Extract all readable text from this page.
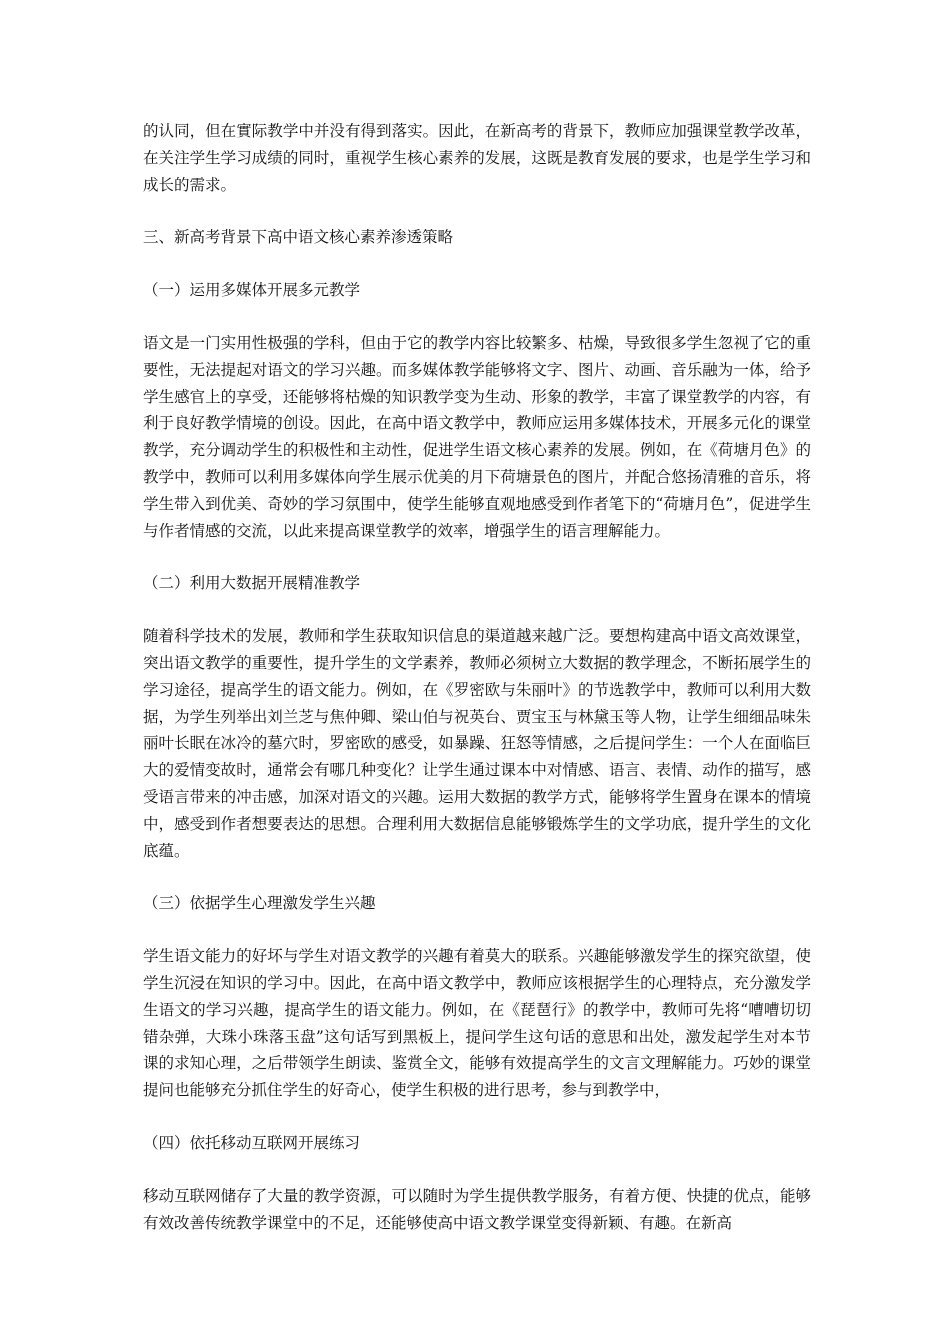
的认同，但在實际教学中并没有得到落实。因此，在新高考的背景下，教师应加强课堂教学改革，在关注学生学习成绩的同时，重视学生核心素养的发展，这既是教育发展的要求，也是学生学习和成长的需求。

三、新高考背景下高中语文核心素养渗透策略

（一）运用多媒体开展多元教学

语文是一门实用性极强的学科，但由于它的教学内容比较繁多、枯燥，导致很多学生忽视了它的重要性，无法提起对语文的学习兴趣。而多媒体教学能够将文字、图片、动画、音乐融为一体，给予学生感官上的享受，还能够将枯燥的知识教学变为生动、形象的教学，丰富了课堂教学的内容，有利于良好教学情境的创设。因此，在高中语文教学中，教师应运用多媒体技术，开展多元化的课堂教学，充分调动学生的积极性和主动性，促进学生语文核心素养的发展。例如，在《荷塘月色》的教学中，教师可以利用多媒体向学生展示优美的月下荷塘景色的图片，并配合悠扬清雅的音乐，将学生带入到优美、奇妙的学习氛围中，使学生能够直观地感受到作者笔下的“荷塘月色”，促进学生与作者情感的交流，以此来提高课堂教学的效率，增强学生的语言理解能力。

（二）利用大数据开展精准教学

随着科学技术的发展，教师和学生获取知识信息的渠道越来越广泛。要想构建高中语文高效课堂，突出语文教学的重要性，提升学生的文学素养，教师必须树立大数据的教学理念，不断拓展学生的学习途径，提高学生的语文能力。例如，在《罗密欧与朱丽叶》的节选教学中，教师可以利用大数据，为学生列举出刘兰芝与焦仲卿、梁山伯与祝英台、贾宝玉与林黛玉等人物，让学生细细品味朱丽叶长眠在冰冷的墓穴时，罗密欧的感受，如暴躁、狂怒等情感，之后提问学生：一个人在面临巨大的爱情变故时，通常会有哪几种变化？让学生通过课本中对情感、语言、表情、动作的描写，感受语言带来的冲击感，加深对语文的兴趣。运用大数据的教学方式，能够将学生置身在课本的情境中，感受到作者想要表达的思想。合理利用大数据信息能够锻炼学生的文学功底，提升学生的文化底蕴。

（三）依据学生心理激发学生兴趣

学生语文能力的好坏与学生对语文教学的兴趣有着莫大的联系。兴趣能够激发学生的探究欲望，使学生沉浸在知识的学习中。因此，在高中语文教学中，教师应该根据学生的心理特点，充分激发学生语文的学习兴趣，提高学生的语文能力。例如，在《琵琶行》的教学中，教师可先将“嘈嘈切切错杂弹，大珠小珠落玉盘”这句话写到黑板上，提问学生这句话的意思和出处，激发起学生对本节课的求知心理，之后带领学生朗读、鉴赏全文，能够有效提高学生的文言文理解能力。巧妙的课堂提问也能够充分抓住学生的好奇心，使学生积极的进行思考，参与到教学中，

（四）依托移动互联网开展练习

移动互联网储存了大量的教学资源，可以随时为学生提供教学服务，有着方便、快捷的优点，能够有效改善传统教学课堂中的不足，还能够使高中语文教学课堂变得新颖、有趣。在新高
